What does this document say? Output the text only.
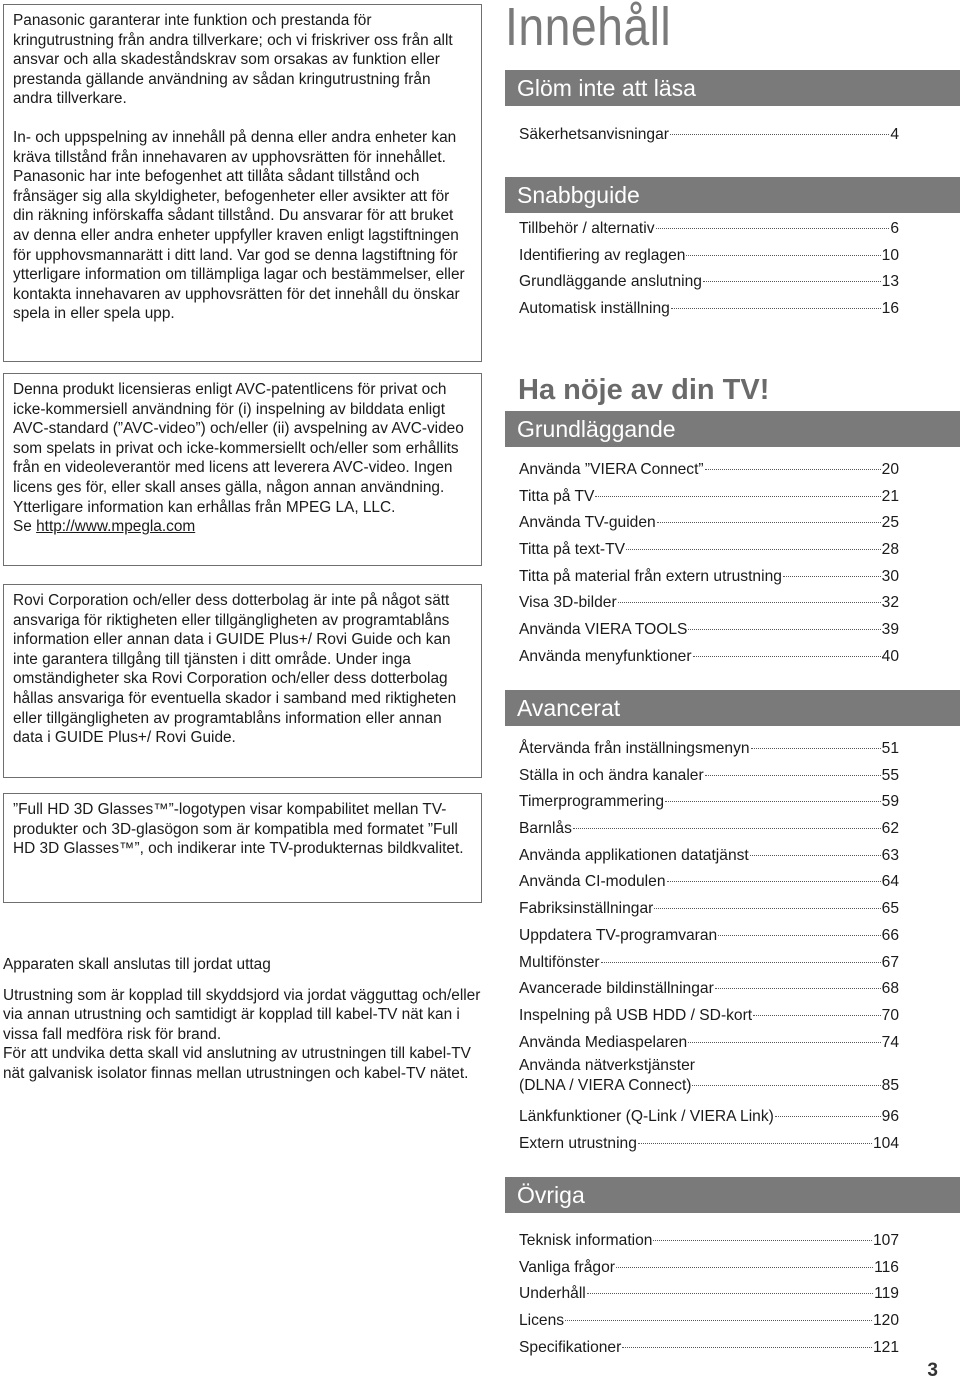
Panasonic garanterar inte funktion och prestanda för kringutrustning från andra tillverkare; och vi friskriver oss från allt ansvar och alla skadeståndskrav som orsakas av funktion eller prestanda gällande användning av sådan kringutrustning från andra tillverkare.

In- och uppspelning av innehåll på denna eller andra enheter kan kräva tillstånd från innehavaren av upphovsrätten för innehållet. Panasonic har inte befogenhet att tillåta sådant tillstånd och frånsäger sig alla skyldigheter, befogenheter eller avsikter att för din räkning införskaffa sådant tillstånd. Du ansvarar för att bruket av denna eller andra enheter uppfyller kraven enligt lagstiftningen för upphovsmannarätt i ditt land. Var god se denna lagstiftning för ytterligare information om tillämpliga lagar och bestämmelser, eller kontakta innehavaren av upphovsrätten för det innehåll du önskar spela in eller spela upp.

Denna produkt licensieras enligt AVC-patentlicens för privat och icke-kommersiell användning för (i) inspelning av bilddata enligt AVC-standard (”AVC-video”) och/eller (ii) avspelning av AVC-video som spelats in privat och icke-kommersiellt och/eller som erhållits från en videoleverantör med licens att leverera AVC-video. Ingen licens ges för, eller skall anses gälla, någon annan användning.
Ytterligare information kan erhållas från MPEG LA, LLC.
Se http://www.mpegla.com

Rovi Corporation och/eller dess dotterbolag är inte på något sätt ansvariga för riktigheten eller tillgängligheten av programtablåns information eller annan data i GUIDE Plus+/ Rovi Guide och kan inte garantera tillgång till tjänsten i ditt område. Under inga omständigheter ska Rovi Corporation och/eller dess dotterbolag hållas ansvariga för eventuella skador i samband med riktigheten eller tillgängligheten av programtablåns information eller annan data i GUIDE Plus+/ Rovi Guide.

”Full HD 3D Glasses™”-logotypen visar kompabilitet mellan TV-produkter och 3D-glasögon som är kompatibla med formatet ”Full HD 3D Glasses™”, och indikerar inte TV-produkternas bildkvalitet.

Apparaten skall anslutas till jordat uttag

Utrustning som är kopplad till skyddsjord via jordat vägguttag och/eller via annan utrustning och samtidigt är kopplad till kabel-TV nät kan i vissa fall medföra risk för brand.
För att undvika detta skall vid anslutning av utrustningen till kabel-TV nät galvanisk isolator finnas mellan utrustningen och kabel-TV nätet.

Innehåll
Glöm inte att läsa
Säkerhetsanvisningar	4
Snabbguide
Tillbehör / alternativ	6
Identifiering av reglagen	10
Grundläggande anslutning	13
Automatisk inställning	16
Ha nöje av din TV!
Grundläggande
Använda ”VIERA Connect”	20
Titta på TV	21
Använda TV-guiden	25
Titta på text-TV	28
Titta på material från extern utrustning	30
Visa 3D-bilder	32
Använda VIERA TOOLS	39
Använda menyfunktioner	40
Avancerat
Återvända från inställningsmenyn	51
Ställa in och ändra kanaler	55
Timerprogrammering	59
Barnlås	62
Använda applikationen datatjänst	63
Använda CI-modulen	64
Fabriksinställningar	65
Uppdatera TV-programvaran	66
Multifönster	67
Avancerade bildinställningar	68
Inspelning på USB HDD / SD-kort	70
Använda Mediaspelaren	74
Använda nätverkstjänster
(DLNA / VIERA Connect)	85
Länkfunktioner (Q-Link / VIERA Link)	96
Extern utrustning	104
Övriga
Teknisk information	107
Vanliga frågor	116
Underhåll	119
Licens	120
Specifikationer	121
3
